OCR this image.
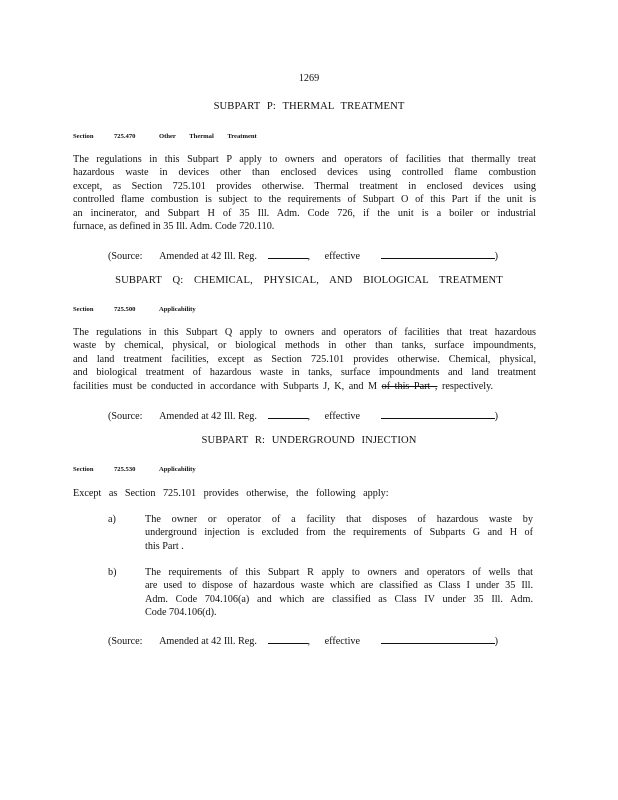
1269
SUBPART P: THERMAL TREATMENT
Section	725.470	Other Thermal Treatment
The regulations in this Subpart P apply to owners and operators of facilities that thermally treat
hazardous waste in devices other than enclosed devices using controlled flame combustion
except, as Section 725.101 provides otherwise. Thermal treatment in enclosed devices using
controlled flame combustion is subject to the requirements of Subpart O of this Part if the unit is
an incinerator, and Subpart H of 35 Ill. Adm. Code 726, if the unit is a boiler or industrial
furnace, as defined in 35 Ill. Adm. Code 720.110.
(Source: Amended at 42 Ill. Reg.	, effective	)
SUBPART Q: CHEMICAL, PHYSICAL, AND BIOLOGICAL TREATMENT
Section	725.500	Applicability
The regulations in this Subpart Q apply to owners and operators of facilities that treat hazardous
waste by chemical, physical, or biological methods in other than tanks, surface impoundments,
and land treatment facilities, except as Section 725.101 provides otherwise. Chemical, physical,
and biological treatment of hazardous waste in tanks, surface impoundments and land treatment
facilities must be conducted in accordance with Subparts J, K, and M of this Part , respectively.
(Source: Amended at 42 Ill. Reg.	, effective	)
SUBPART R: UNDERGROUND INJECTION
Section	725.530	Applicability
Except as Section 725.101 provides otherwise, the following apply:
a)	The owner or operator of a facility that disposes of hazardous waste by
underground injection is excluded from the requirements of Subparts G and H of
this Part .
b)	The requirements of this Subpart R apply to owners and operators of wells that
are used to dispose of hazardous waste which are classified as Class I under 35 Ill.
Adm. Code 704.106(a) and which are classified as Class IV under 35 Ill. Adm.
Code 704.106(d).
(Source: Amended at 42 Ill. Reg.	, effective	)
